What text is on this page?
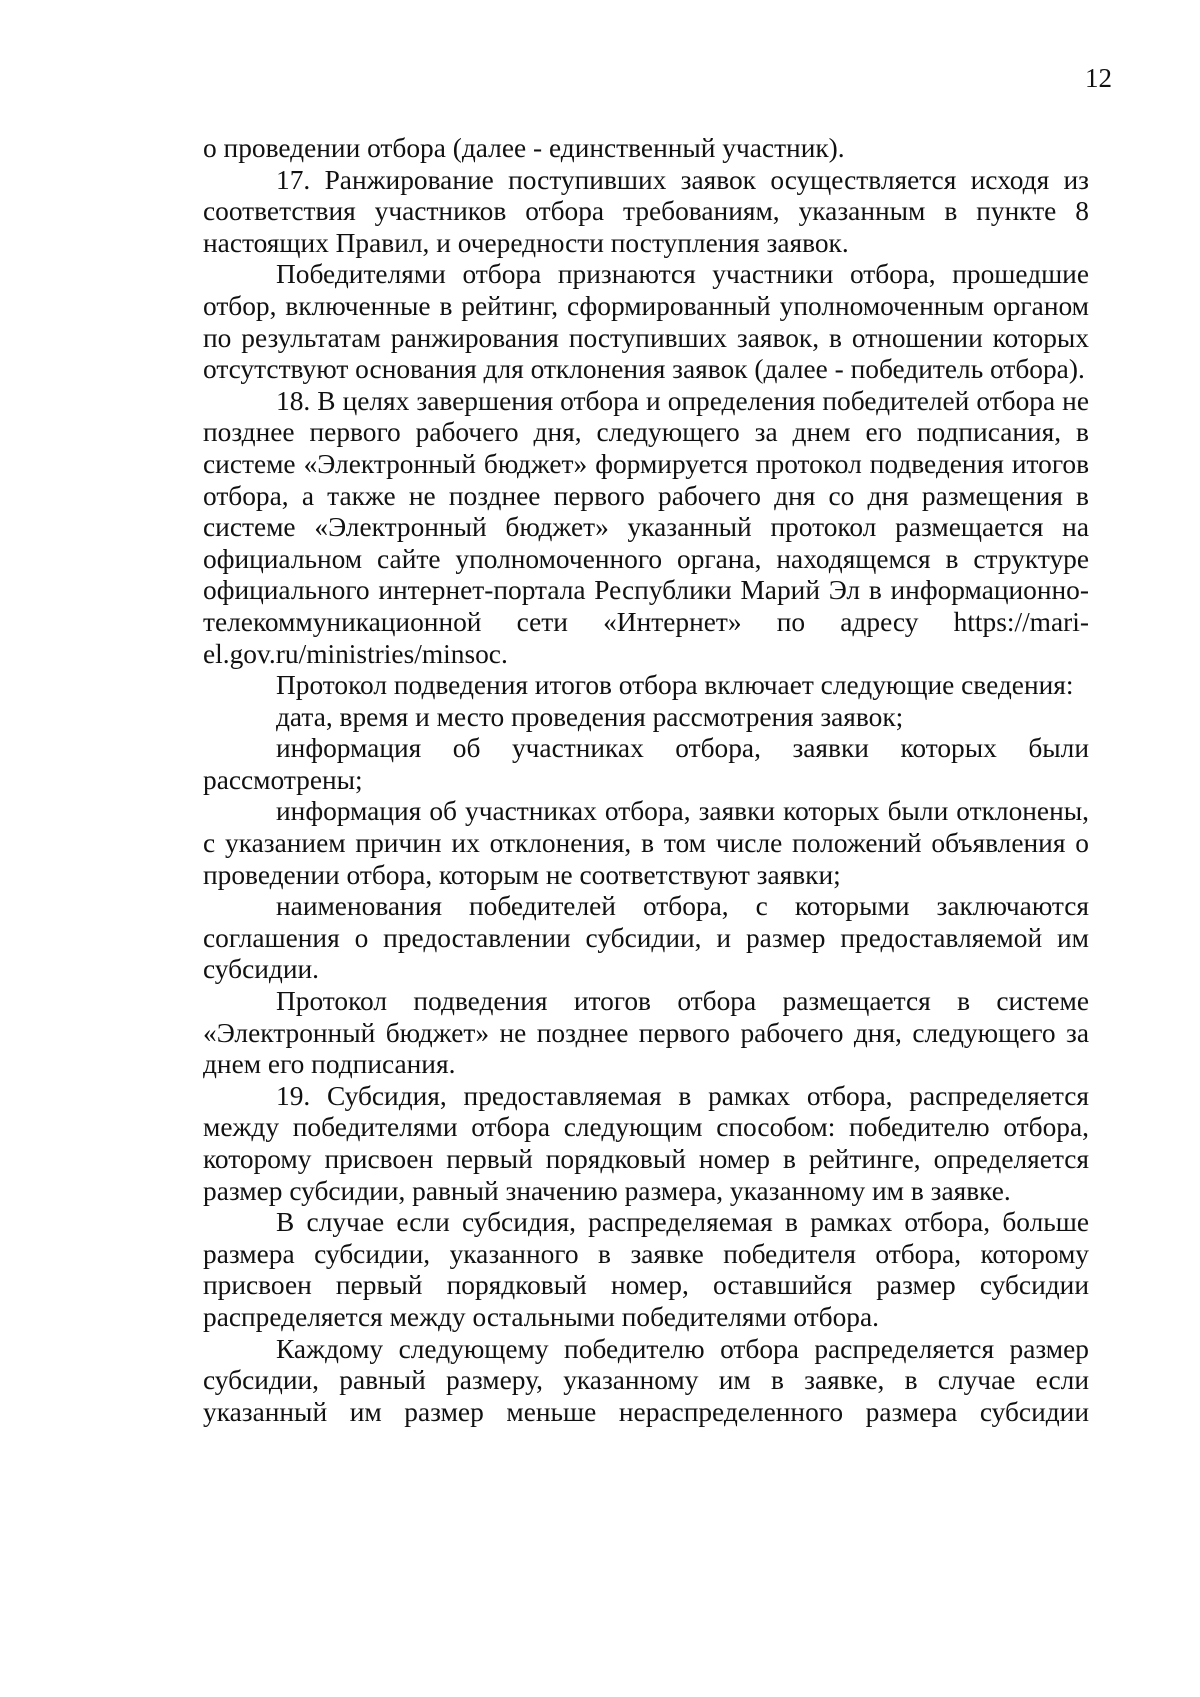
12

о проведении отбора (далее - единственный участник).

17. Ранжирование поступивших заявок осуществляется исходя из соответствия участников отбора требованиям, указанным в пункте 8 настоящих Правил, и очередности поступления заявок.

Победителями отбора признаются участники отбора, прошедшие отбор, включенные в рейтинг, сформированный уполномоченным органом по результатам ранжирования поступивших заявок, в отношении которых отсутствуют основания для отклонения заявок (далее - победитель отбора).

18. В целях завершения отбора и определения победителей отбора не позднее первого рабочего дня, следующего за днем его подписания, в системе «Электронный бюджет» формируется протокол подведения итогов отбора, а также не позднее первого рабочего дня со дня размещения в системе «Электронный бюджет» указанный протокол размещается на официальном сайте уполномоченного органа, находящемся в структуре официального интернет-портала Республики Марий Эл в информационно-телекоммуникационной сети «Интернет» по адресу https://mari-el.gov.ru/ministries/minsoc.

Протокол подведения итогов отбора включает следующие сведения:

дата, время и место проведения рассмотрения заявок;

информация об участниках отбора, заявки которых были рассмотрены;

информация об участниках отбора, заявки которых были отклонены, с указанием причин их отклонения, в том числе положений объявления о проведении отбора, которым не соответствуют заявки;

наименования победителей отбора, с которыми заключаются соглашения о предоставлении субсидии, и размер предоставляемой им субсидии.

Протокол подведения итогов отбора размещается в системе «Электронный бюджет» не позднее первого рабочего дня, следующего за днем его подписания.

19. Субсидия, предоставляемая в рамках отбора, распределяется между победителями отбора следующим способом: победителю отбора, которому присвоен первый порядковый номер в рейтинге, определяется размер субсидии, равный значению размера, указанному им в заявке.

В случае если субсидия, распределяемая в рамках отбора, больше размера субсидии, указанного в заявке победителя отбора, которому присвоен первый порядковый номер, оставшийся размер субсидии распределяется между остальными победителями отбора.

Каждому следующему победителю отбора распределяется размер субсидии, равный размеру, указанному им в заявке, в случае если указанный им размер меньше нераспределенного размера субсидии
